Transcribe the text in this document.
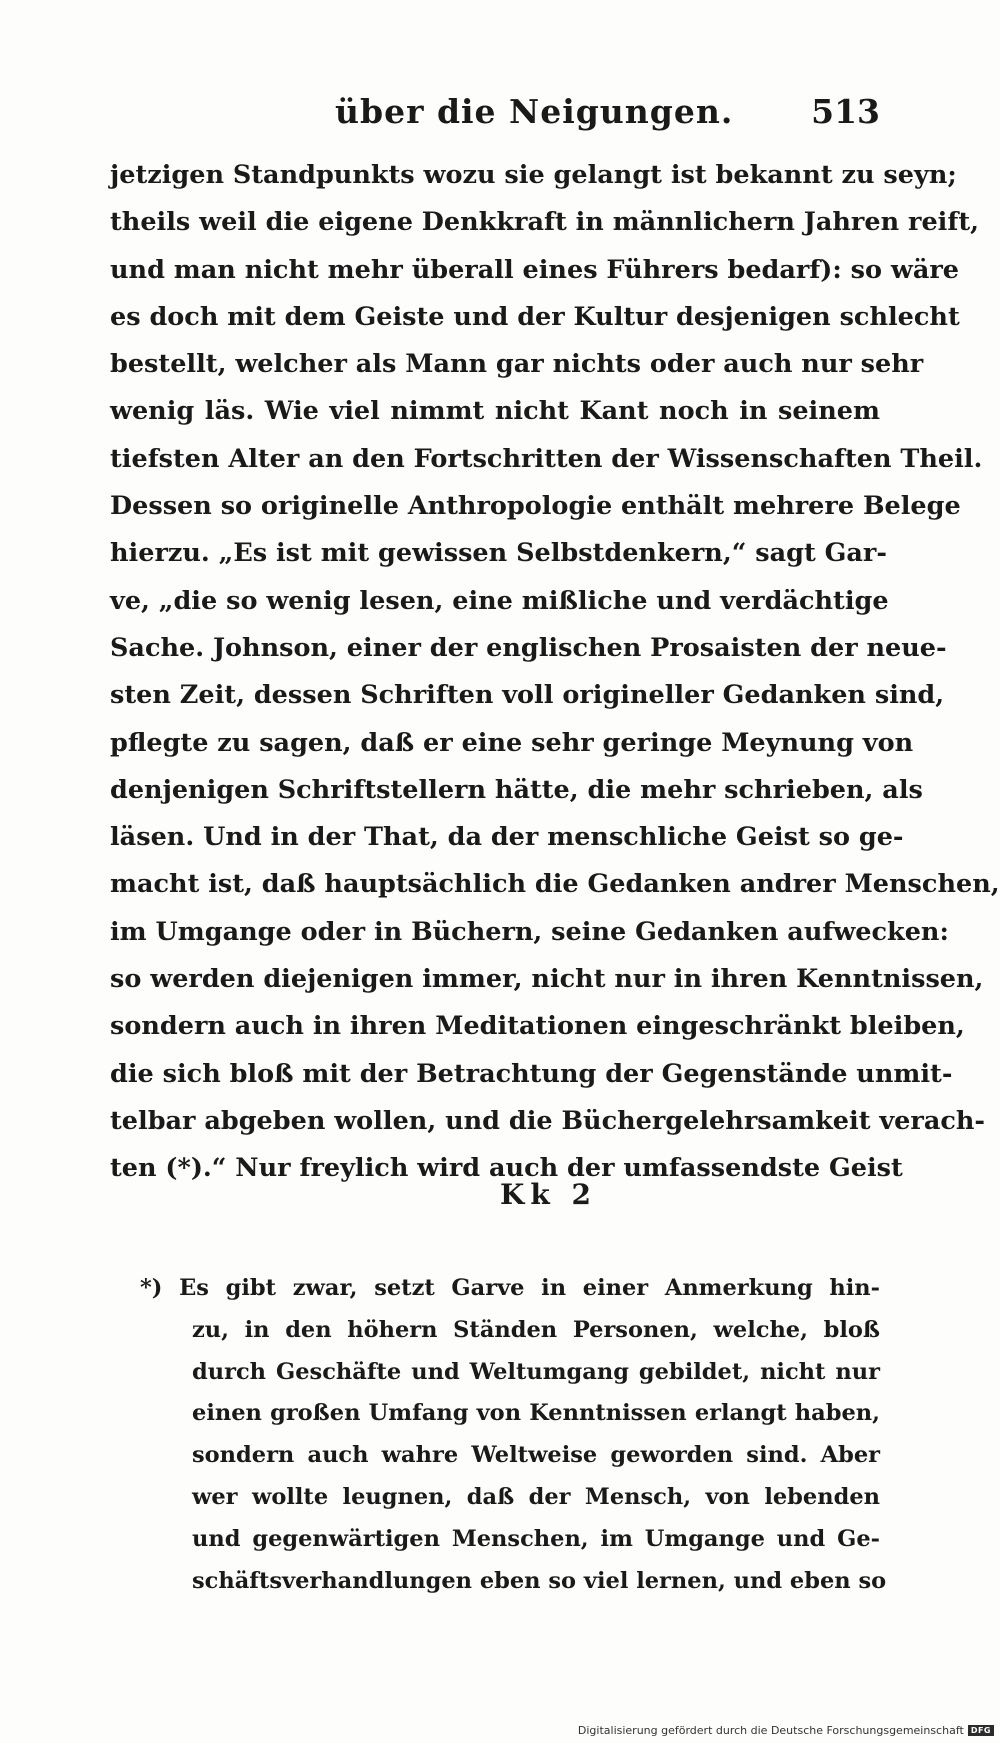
über die Neigungen. 513
jetzigen Standpunkts wozu sie gelangt ist bekannt zu seyn;
theils weil die eigene Denkkraft in männlichern Jahren reift,
und man nicht mehr überall eines Führers bedarf): so wäre
es doch mit dem Geiste und der Kultur desjenigen schlecht
bestellt, welcher als Mann gar nichts oder auch nur sehr
wenig läs. Wie viel nimmt nicht Kant noch in seinem
tiefsten Alter an den Fortschritten der Wissenschaften Theil.
Dessen so originelle Anthropologie enthält mehrere Belege
hierzu. „Es ist mit gewissen Selbstdenkern,“ sagt Gar-
ve, „die so wenig lesen, eine mißliche und verdächtige
Sache. Johnson, einer der englischen Prosaisten der neue-
sten Zeit, dessen Schriften voll origineller Gedanken sind,
pflegte zu sagen, daß er eine sehr geringe Meynung von
denjenigen Schriftstellern hätte, die mehr schrieben, als
läsen. Und in der That, da der menschliche Geist so ge-
macht ist, daß hauptsächlich die Gedanken andrer Menschen,
im Umgange oder in Büchern, seine Gedanken aufwecken:
so werden diejenigen immer, nicht nur in ihren Kenntnissen,
sondern auch in ihren Meditationen eingeschränkt bleiben,
die sich bloß mit der Betrachtung der Gegenstände unmit-
telbar abgeben wollen, und die Büchergelehrsamkeit verach-
ten (*).“ Nur freylich wird auch der umfassendste Geist
Kk 2
*) Es gibt zwar, setzt Garve in einer Anmerkung hin-
zu, in den höhern Ständen Personen, welche, bloß
durch Geschäfte und Weltumgang gebildet, nicht nur
einen großen Umfang von Kenntnissen erlangt haben,
sondern auch wahre Weltweise geworden sind. Aber
wer wollte leugnen, daß der Mensch, von lebenden
und gegenwärtigen Menschen, im Umgange und Ge-
schäftsverhandlungen eben so viel lernen, und eben so
Digitalisierung gefördert durch die Deutsche Forschungsgemeinschaft DFG
